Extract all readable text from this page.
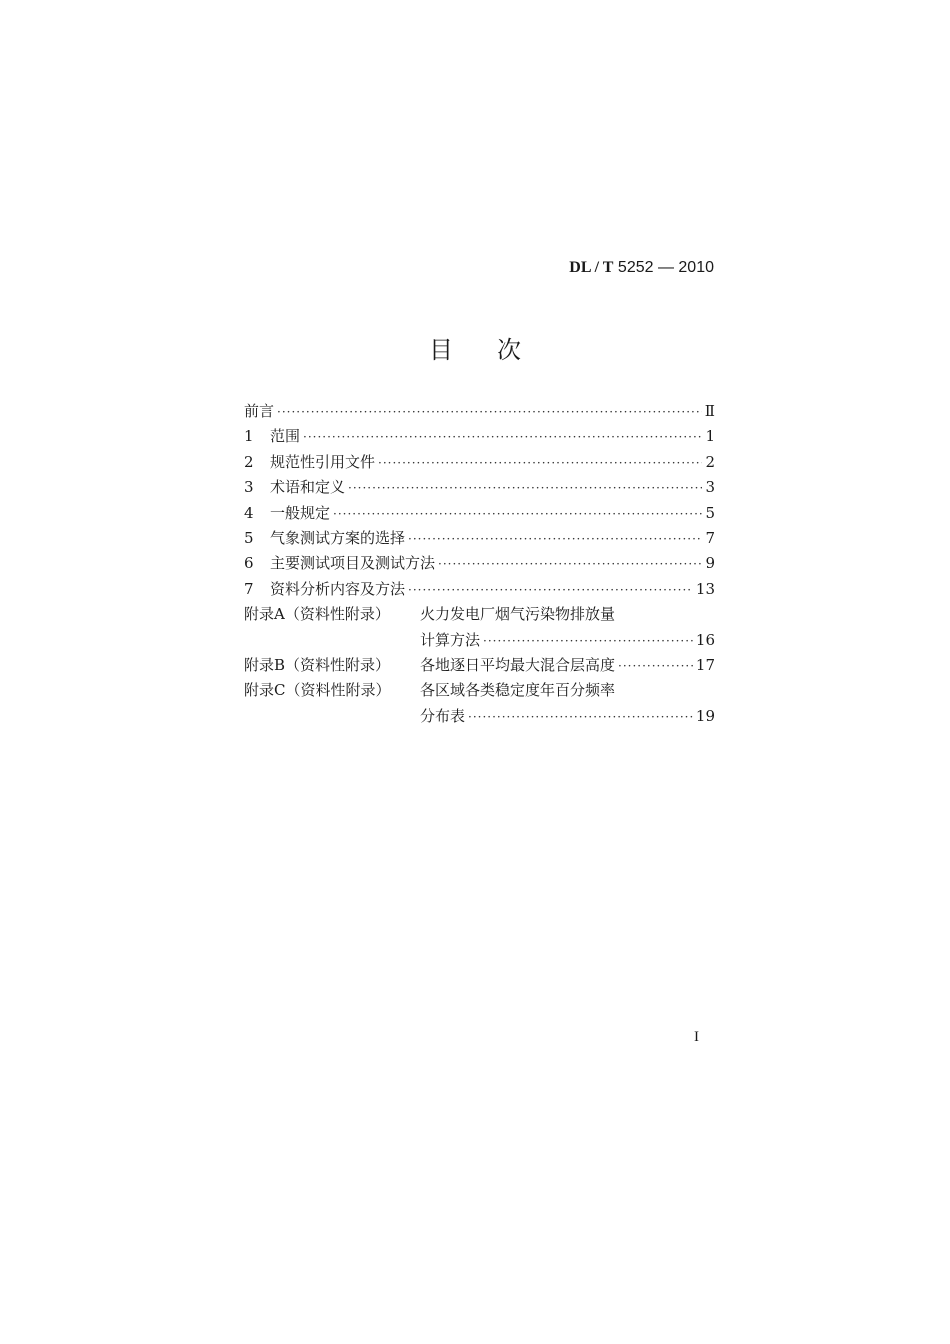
DL / T 5252 — 2010
目次
前言 ·····	Ⅱ
1	范围 ·····	1
2	规范性引用文件 ·····	2
3	术语和定义 ·····	3
4	一般规定 ·····	5
5	气象测试方案的选择 ·····	7
6	主要测试项目及测试方法 ·····	9
7	资料分析内容及方法 ·····	13
附录A（资料性附录）	火力发电厂烟气污染物排放量
计算方法 ·····	16
附录B（资料性附录）	各地逐日平均最大混合层高度 ·····	17
附录C（资料性附录）	各区域各类稳定度年百分频率
分布表 ·····	19
I
